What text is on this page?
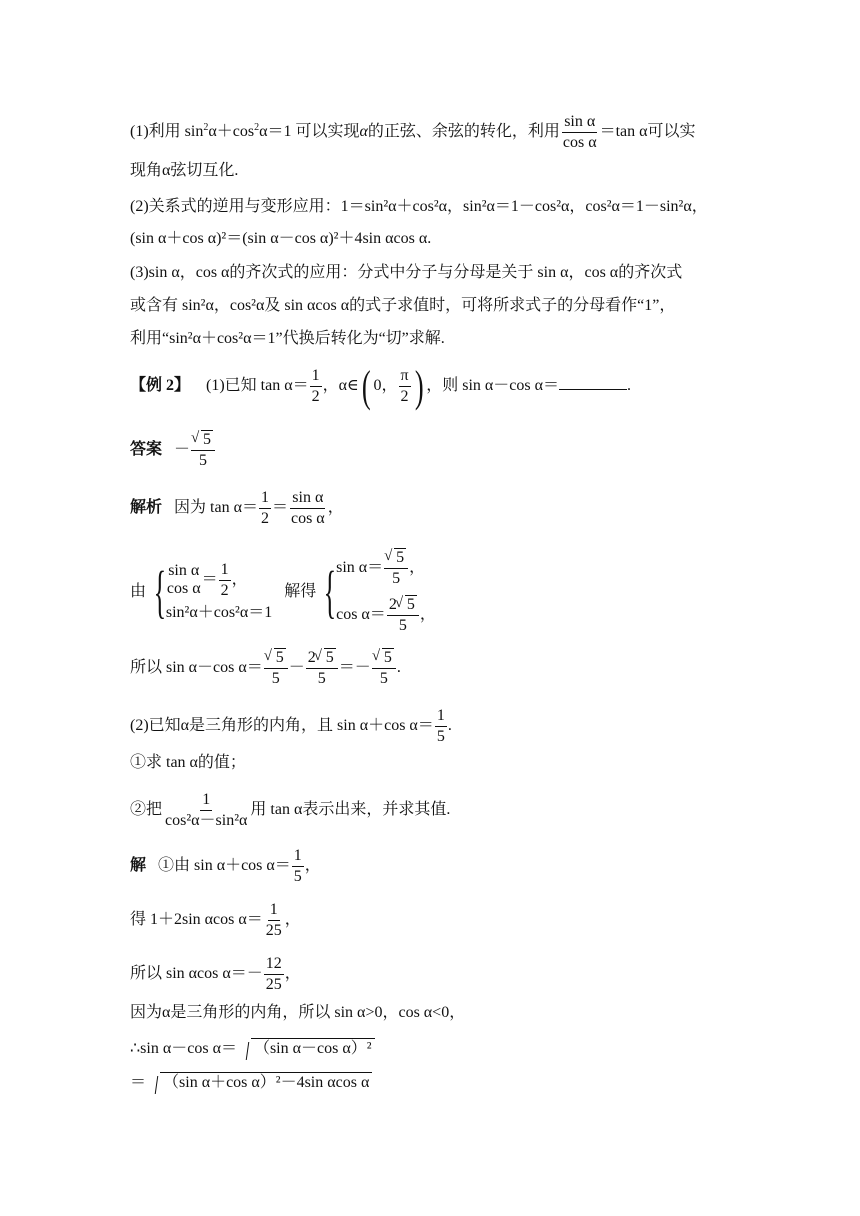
(1)利用 $\sin^2\alpha+\cos^2\alpha=1$ 可以实现α的正弦、余弦的转化，利用 $\frac{\text{sin α}}{\text{cos α}} =\tan$ α可以实
现角α弦切互化.
(2)关系式的逆用与变形应用：1＝sin²α＋cos²α，sin²α＝1－cos²α，cos²α＝1－sin²α，
(sin α＋cos α)²＝(sin α－cos α)²＋4sin αcos α.
(3)sin α，cos α的齐次式的应用：分式中分子与分母是关于 sin α，cos α的齐次式
或含有 sin²α，cos²α及 sin αcos α的式子求值时，可将所求式子的分母看作“1”，
利用“sin²α＋cos²α＝1”代换后转化为“切”求解.
【例 2】 (1)已知 $\tan \alpha= \frac{1}{2}$ ，α∈( 0， $\frac{\pi}{2}$ ) ，则 sin α－cos α＝	.
答案 － √ $\frac{5}{5}$
解析 因为 $\tan \alpha= \frac{1}{2} = \frac{\text{sin α}}{\text{cos α}}$ ，
由 { sin α
cos α
＝ $\frac{1}{2}$ ，
sin²α＋cos²α＝1
解得 { sin α＝ √ $\frac{5}{5}$ ，
$\cos \alpha= \frac{2 √ 5}{5}$ ，
所以 sin α－cos α＝ √ $\frac{5}{5} - \frac{2 √ 5}{5}$ ＝－ √ $\frac{5}{5}$ .
(2)已知α是三角形的内角，且 sin α＋cos $\alpha= \frac{1}{5}$ .
①求 tan α的值；
②把 $\frac{1}{\text{cos²α－sin²α}}$ 用 tan α表示出来，并求其值.
解 ①由 sin α＋cos $\alpha= \frac{1}{5}$ ，
得 1＋2sin αcos $\alpha= \frac{1}{25}$ ，
所以 sin αcos $\alpha=- \frac{12}{25}$ ，
因为α是三角形的内角，所以 sin α>0，cos α<0，
∴sin α－cos α＝ （sin α－cos α）²
＝ （sin α＋cos α）²－4sin αcos α
